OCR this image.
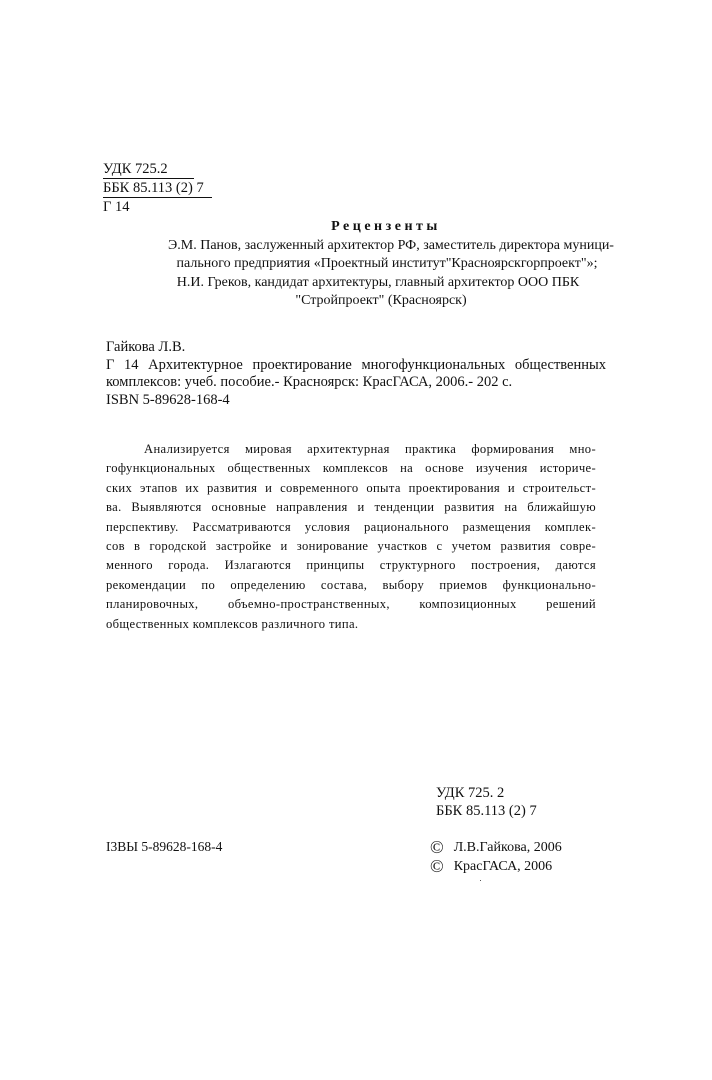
УДК 725.2
ББК 85.113 (2) 7
Г 14
Рецензенты
Э.М. Панов, заслуженный архитектор РФ, заместитель директора муници-
пального предприятия «Проектный институт"Красноярскгорпроект"»;
Н.И. Греков, кандидат архитектуры, главный архитектор ООО ПБК
"Стройпроект" (Красноярск)
Гайкова Л.В.
Г 14 Архитектурное проектирование многофункциональных общественных
комплексов: учеб. пособие.- Красноярск: КрасГАСА, 2006.- 202 с.
ISBN 5-89628-168-4

Анализируется мировая архитектурная практика формирования мно-

гофункциональных общественных комплексов на основе изучения историче-

ских этапов их развития и современного опыта проектирования и строительст-

ва. Выявляются основные направления и тенденции развития на ближайшую

перспективу. Рассматриваются условия рационального размещения комплек-

сов в городской застройке и зонирование участков с учетом развития совре-

менного города. Излагаются принципы структурного построения, даются

рекомендации по определению состава, выбору приемов функционально-

планировочных, объемно-пространственных, композиционных решений

общественных комплексов различного типа.

УДК 725. 2
ББК 85.113 (2) 7
I3BЫ 5-89628-168-4	© Л.В.Гайкова, 2006
© КрасГАСА, 2006
